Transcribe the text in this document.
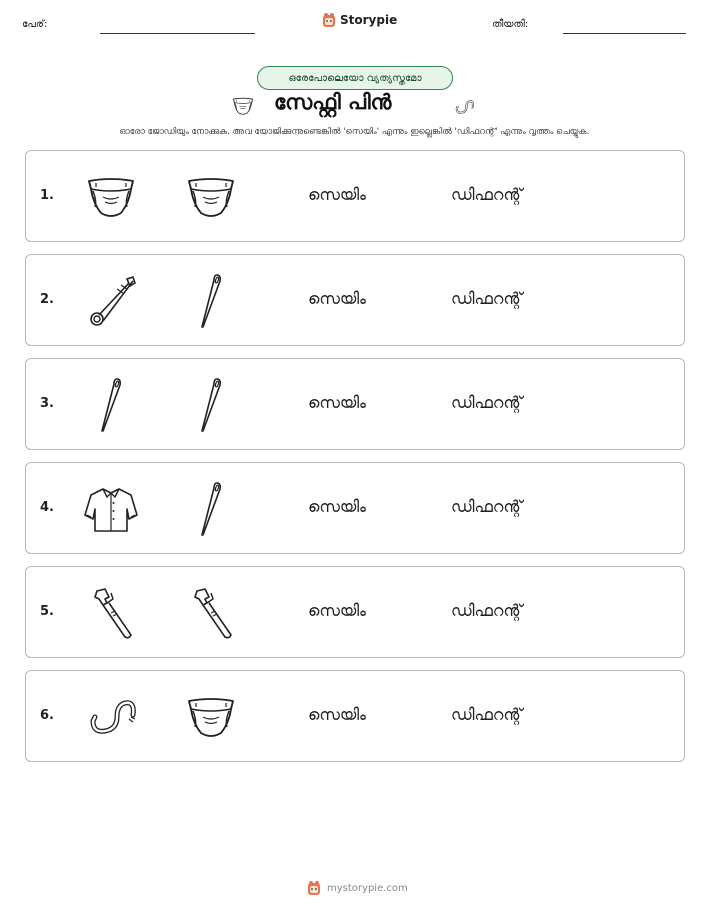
പേര്:	Storypie	തീയതി:
ഒരേപോലെയോ വ്യത്യസ്തമോ
സേഫ്റ്റി പിൻ
ഓരോ ജോഡിയും നോക്കുക. അവ യോജിക്കുന്നുണ്ടെങ്കിൽ 'സെയിം' എന്നും ഇല്ലെങ്കിൽ 'ഡിഫറന്റ്' എന്നും വൃത്തം ചെയ്യുക.
1.	സെയിം	ഡിഫറന്റ്
2.	സെയിം	ഡിഫറന്റ്
3.	സെയിം	ഡിഫറന്റ്
4.	സെയിം	ഡിഫറന്റ്
5.	സെയിം	ഡിഫറന്റ്
6.	സെയിം	ഡിഫറന്റ്
mystorypie.com
